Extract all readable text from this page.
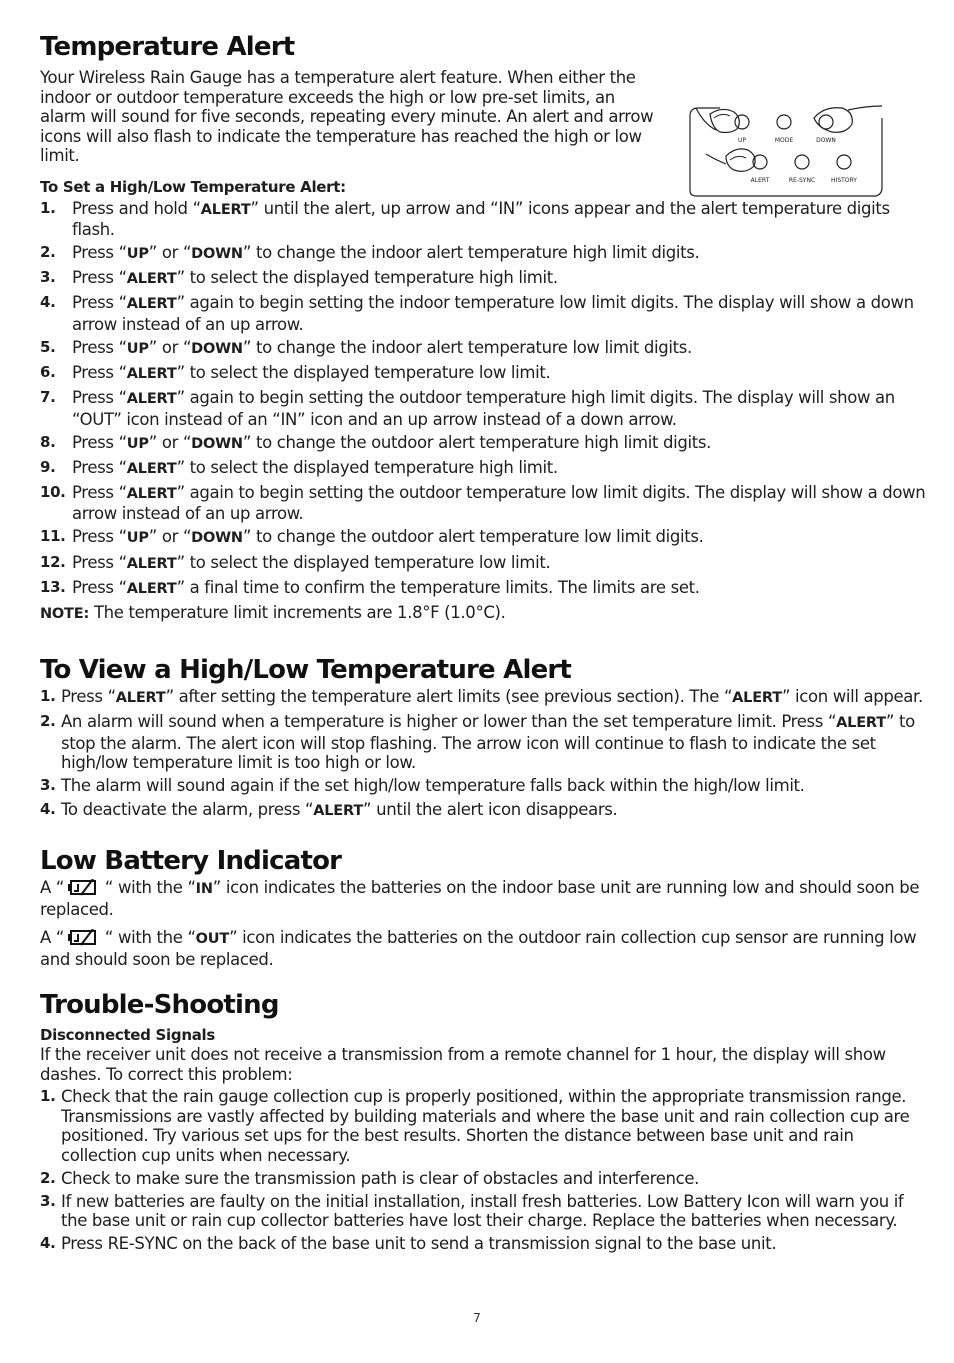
Temperature Alert

Your Wireless Rain Gauge has a temperature alert feature. When either the indoor or outdoor temperature exceeds the high or low pre-set limits, an alarm will sound for five seconds, repeating every minute. An alert and arrow icons will also flash to indicate the temperature has reached the high or low limit.

UP	MODE	DOWN
ALERT	RE-SYNC	HISTORY
To Set a High/Low Temperature Alert:
1. Press and hold “ALERT” until the alert, up arrow and “IN” icons appear and the alert temperature digits flash.
2. Press “UP” or “DOWN” to change the indoor alert temperature high limit digits.
3. Press “ALERT” to select the displayed temperature high limit.
4. Press “ALERT” again to begin setting the indoor temperature low limit digits. The display will show a down arrow instead of an up arrow.
5. Press “UP” or “DOWN” to change the indoor alert temperature low limit digits.
6. Press “ALERT” to select the displayed temperature low limit.
7. Press “ALERT” again to begin setting the outdoor temperature high limit digits. The display will show an “OUT” icon instead of an “IN” icon and an up arrow instead of a down arrow.
8. Press “UP” or “DOWN” to change the outdoor alert temperature high limit digits.
9. Press “ALERT” to select the displayed temperature high limit.
10. Press “ALERT” again to begin setting the outdoor temperature low limit digits. The display will show a down arrow instead of an up arrow.
11. Press “UP” or “DOWN” to change the outdoor alert temperature low limit digits.
12. Press “ALERT” to select the displayed temperature low limit.
13. Press “ALERT” a final time to confirm the temperature limits. The limits are set.

NOTE: The temperature limit increments are 1.8°F (1.0°C).

To View a High/Low Temperature Alert
1. Press “ALERT” after setting the temperature alert limits (see previous section). The “ALERT” icon will appear.
2. An alarm will sound when a temperature is higher or lower than the set temperature limit. Press “ALERT” to stop the alarm. The alert icon will stop flashing. The arrow icon will continue to flash to indicate the set high/low temperature limit is too high or low.
3. The alarm will sound again if the set high/low temperature falls back within the high/low limit.
4. To deactivate the alarm, press “ALERT” until the alert icon disappears.
Low Battery Indicator

A “ “ with the “IN” icon indicates the batteries on the indoor base unit are running low and should soon be replaced.

A “ “ with the “OUT” icon indicates the batteries on the outdoor rain collection cup sensor are running low and should soon be replaced.

Trouble-Shooting
Disconnected Signals

If the receiver unit does not receive a transmission from a remote channel for 1 hour, the display will show dashes. To correct this problem:

1. Check that the rain gauge collection cup is properly positioned, within the appropriate transmission range. Transmissions are vastly affected by building materials and where the base unit and rain collection cup are positioned. Try various set ups for the best results. Shorten the distance between base unit and rain collection cup units when necessary.
2. Check to make sure the transmission path is clear of obstacles and interference.
3. If new batteries are faulty on the initial installation, install fresh batteries. Low Battery Icon will warn you if the base unit or rain cup collector batteries have lost their charge. Replace the batteries when necessary.
4. Press RE-SYNC on the back of the base unit to send a transmission signal to the base unit.
7
